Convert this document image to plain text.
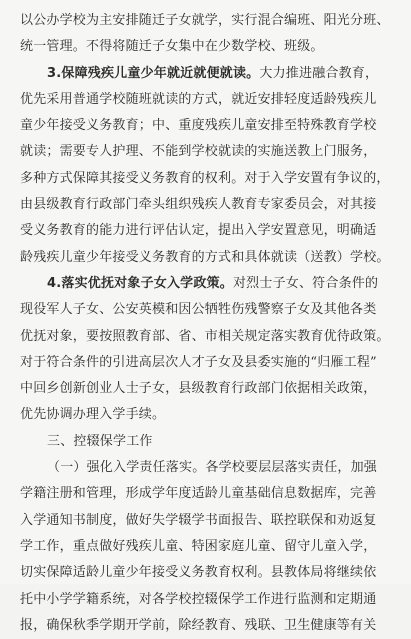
以公办学校为主安排随迁子女就学，实行混合编班、阳光分班、
统一管理。不得将随迁子女集中在少数学校、班级。
3.保障残疾儿童少年就近就便就读。大力推进融合教育，
优先采用普通学校随班就读的方式，就近安排轻度适龄残疾儿
童少年接受义务教育；中、重度残疾儿童安排至特殊教育学校
就读；需要专人护理、不能到学校就读的实施送教上门服务，
多种方式保障其接受义务教育的权利。对于入学安置有争议的，
由县级教育行政部门牵头组织残疾人教育专家委员会，对其接
受义务教育的能力进行评估认定，提出入学安置意见，明确适
龄残疾儿童少年接受义务教育的方式和具体就读（送教）学校。
4.落实优抚对象子女入学政策。对烈士子女、符合条件的
现役军人子女、公安英模和因公牺牲伤残警察子女及其他各类
优抚对象，要按照教育部、省、市相关规定落实教育优待政策。
对于符合条件的引进高层次人才子女及县委实施的“归雁工程”
中回乡创新创业人士子女，县级教育行政部门依据相关政策，
优先协调办理入学手续。
三、控辍保学工作
（一）强化入学责任落实。各学校要层层落实责任，加强
学籍注册和管理，形成学年度适龄儿童基础信息数据库，完善
入学通知书制度，做好失学辍学书面报告、联控联保和劝返复
学工作，重点做好残疾儿童、特困家庭儿童、留守儿童入学，
切实保障适龄儿童少年接受义务教育权利。县教体局将继续依
托中小学学籍系统，对各学校控辍保学工作进行监测和定期通
报，确保秋季学期开学前，除经教育、残联、卫生健康等有关
